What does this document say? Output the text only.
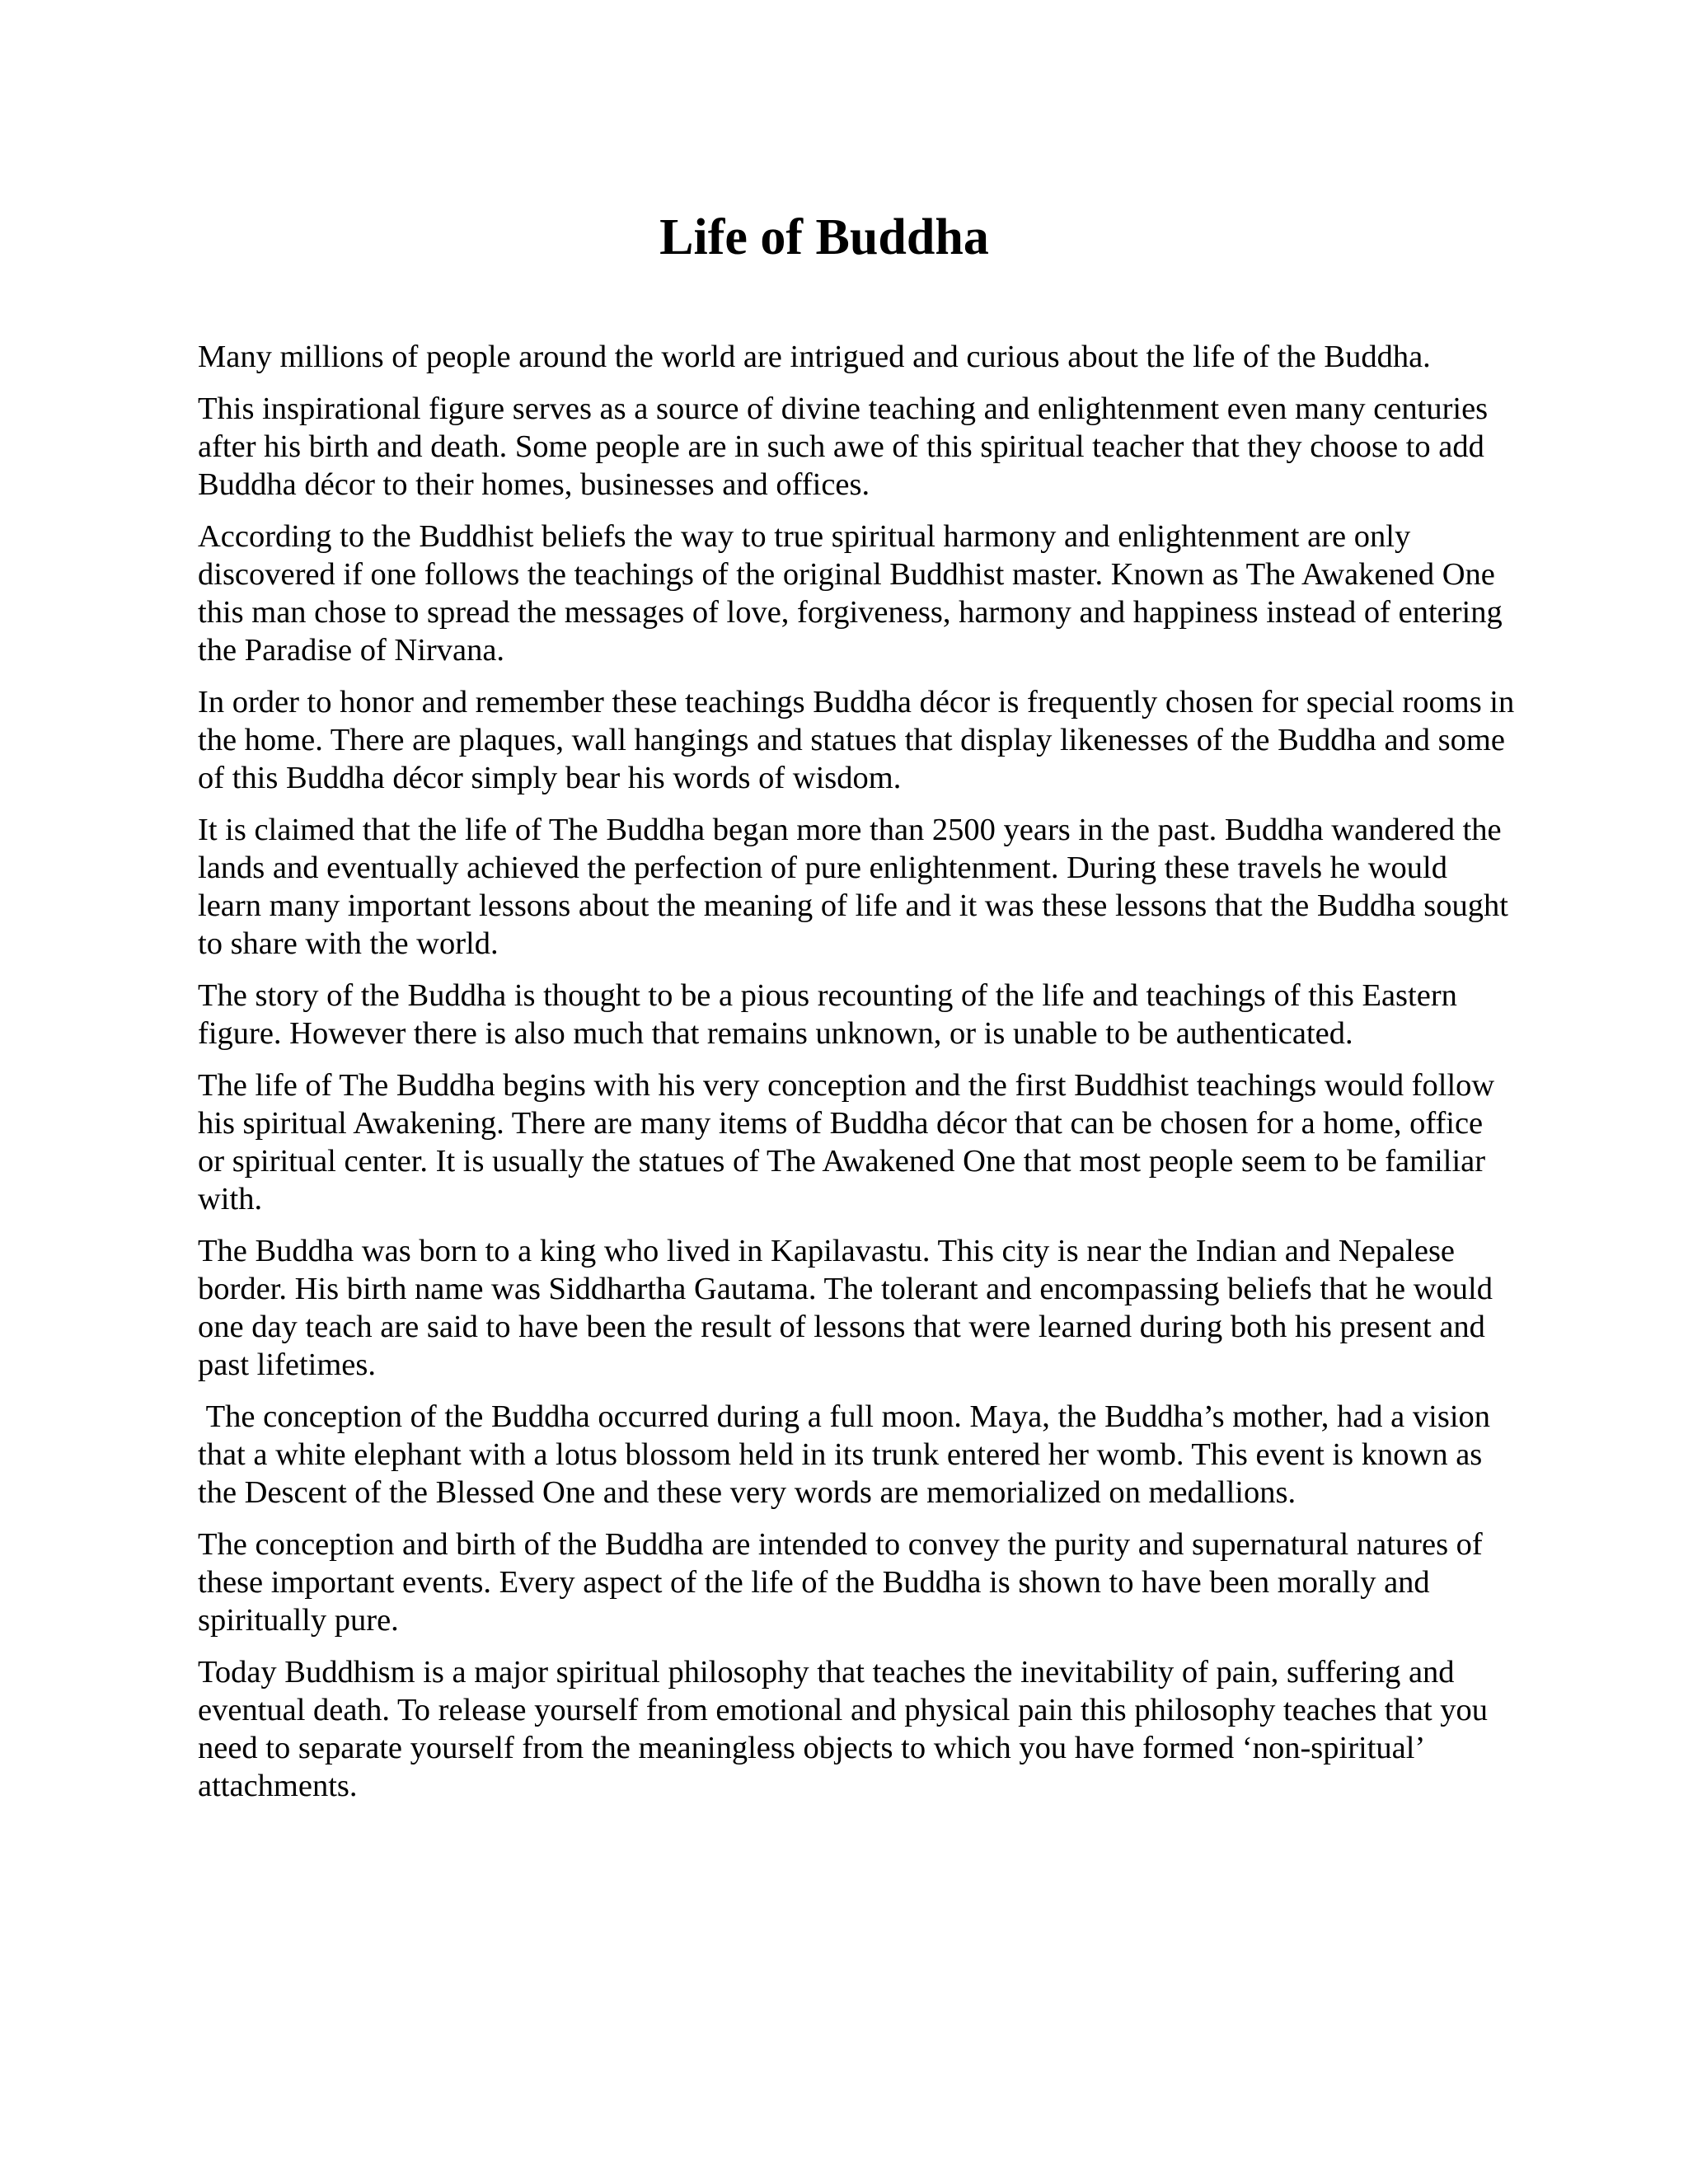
Life of Buddha

Many millions of people around the world are intrigued and curious about the life of the Buddha.

This inspirational figure serves as a source of divine teaching and enlightenment even many centuries after his birth and death. Some people are in such awe of this spiritual teacher that they choose to add Buddha décor to their homes, businesses and offices.

According to the Buddhist beliefs the way to true spiritual harmony and enlightenment are only discovered if one follows the teachings of the original Buddhist master. Known as The Awakened One this man chose to spread the messages of love, forgiveness, harmony and happiness instead of entering the Paradise of Nirvana.

In order to honor and remember these teachings Buddha décor is frequently chosen for special rooms in the home. There are plaques, wall hangings and statues that display likenesses of the Buddha and some of this Buddha décor simply bear his words of wisdom.

It is claimed that the life of The Buddha began more than 2500 years in the past. Buddha wandered the lands and eventually achieved the perfection of pure enlightenment. During these travels he would learn many important lessons about the meaning of life and it was these lessons that the Buddha sought to share with the world.

The story of the Buddha is thought to be a pious recounting of the life and teachings of this Eastern figure. However there is also much that remains unknown, or is unable to be authenticated.

The life of The Buddha begins with his very conception and the first Buddhist teachings would follow his spiritual Awakening. There are many items of Buddha décor that can be chosen for a home, office or spiritual center. It is usually the statues of The Awakened One that most people seem to be familiar with.

The Buddha was born to a king who lived in Kapilavastu. This city is near the Indian and Nepalese border. His birth name was Siddhartha Gautama. The tolerant and encompassing beliefs that he would one day teach are said to have been the result of lessons that were learned during both his present and past lifetimes.

The conception of the Buddha occurred during a full moon. Maya, the Buddha’s mother, had a vision that a white elephant with a lotus blossom held in its trunk entered her womb. This event is known as the Descent of the Blessed One and these very words are memorialized on medallions.

The conception and birth of the Buddha are intended to convey the purity and supernatural natures of these important events. Every aspect of the life of the Buddha is shown to have been morally and spiritually pure.

Today Buddhism is a major spiritual philosophy that teaches the inevitability of pain, suffering and eventual death. To release yourself from emotional and physical pain this philosophy teaches that you need to separate yourself from the meaningless objects to which you have formed ‘non-spiritual’ attachments.
